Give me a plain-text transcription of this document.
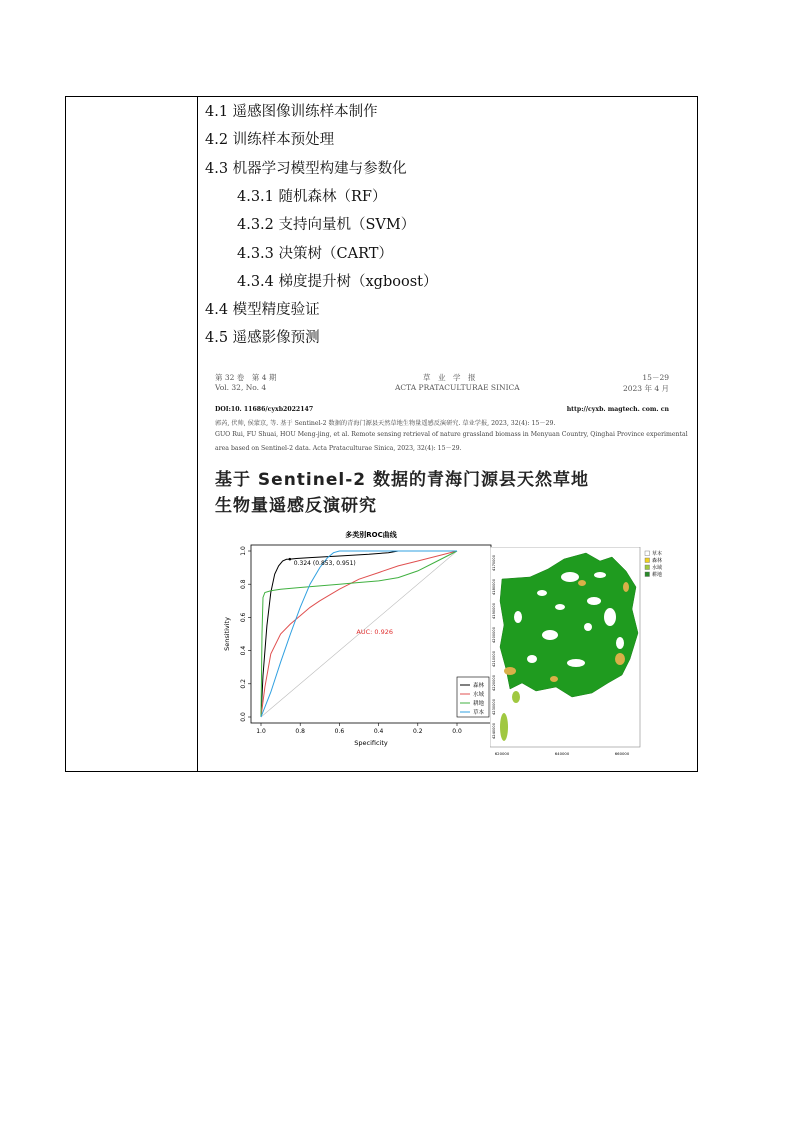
4.1 遥感图像训练样本制作
4.2 训练样本预处理
4.3 机器学习模型构建与参数化
4.3.1 随机森林（RF）
4.3.2 支持向量机（SVM）
4.3.3 决策树（CART）
4.3.4 梯度提升树（xgboost）
4.4 模型精度验证
4.5 遥感影像预测
第 32 卷　第 4 期
Vol. 32, No. 4
草　业　学　报
ACTA PRATACULTURAE SINICA
15－29
2023 年 4 月
DOI:10. 11686/cyxb2022147	http://cyxb. magtech. com. cn
郭芮, 伏帅, 侯蒙京, 等. 基于 Sentinel-2 数据的青海门源县天然草地生物量遥感反演研究. 草业学报, 2023, 32(4): 15－29.
GUO Rui, FU Shuai, HOU Meng-jing, et al. Remote sensing retrieval of nature grassland biomass in Menyuan Country, Qinghai Province experimental
area based on Sentinel-2 data. Acta Prataculturae Sinica, 2023, 32(4): 15－29.
基于 Sentinel-2 数据的青海门源县天然草地
生物量遥感反演研究
多类别ROC曲线
1.0	0.8	0.6	0.4	0.2	0.0
0.0
0.2
0.4
0.6
0.8
1.0
Specificity
Sensitivity
0.324 (0.853, 0.951)
AUC: 0.926
森林
水域
耕地
草本
4170000
4180000
4190000
4200000
4210000
4220000
4230000
4240000
620000	640000	660000
草本
森林
水域
耕地
